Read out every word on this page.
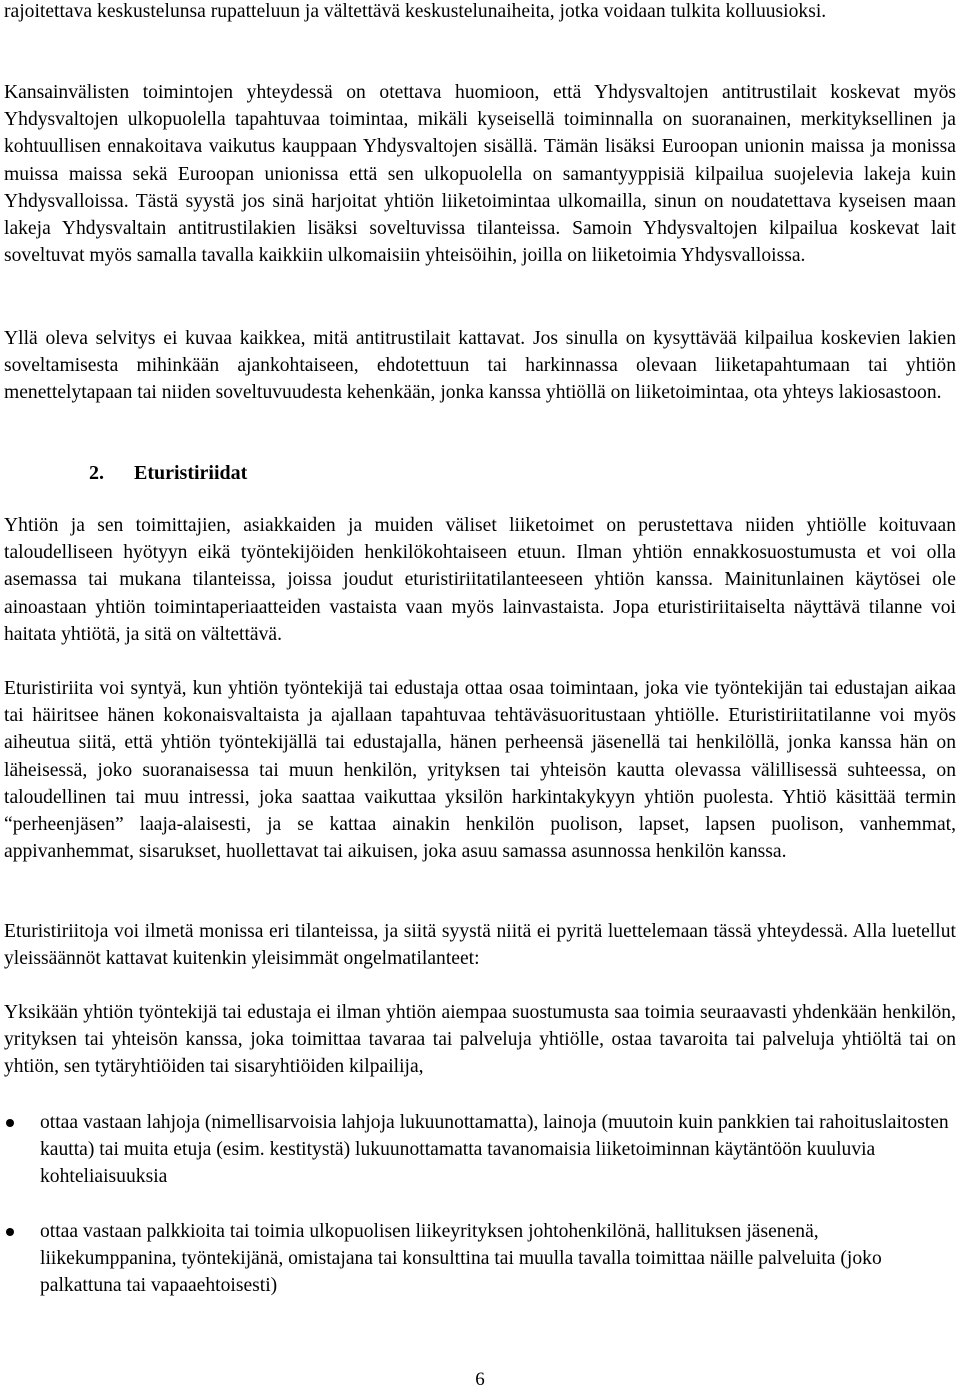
rajoitettava keskustelunsa rupatteluun ja vältettävä keskustelunaiheita, jotka voidaan tulkita kolluusioksi.

Kansainvälisten toimintojen yhteydessä on otettava huomioon, että Yhdysvaltojen antitrustilait koskevat myös Yhdysvaltojen ulkopuolella tapahtuvaa toimintaa, mikäli kyseisellä toiminnalla on suoranainen, merkityksellinen ja kohtuullisen ennakoitava vaikutus kauppaan Yhdysvaltojen sisällä. Tämän lisäksi Euroopan unionin maissa ja monissa muissa maissa sekä Euroopan unionissa että sen ulkopuolella on samantyyppisiä kilpailua suojelevia lakeja kuin Yhdysvalloissa. Tästä syystä jos sinä harjoitat yhtiön liiketoimintaa ulkomailla, sinun on noudatettava kyseisen maan lakeja Yhdysvaltain antitrustilakien lisäksi soveltuvissa tilanteissa. Samoin Yhdysvaltojen kilpailua koskevat lait soveltuvat myös samalla tavalla kaikkiin ulkomaisiin yhteisöihin, joilla on liiketoimia Yhdysvalloissa.

Yllä oleva selvitys ei kuvaa kaikkea, mitä antitrustilait kattavat. Jos sinulla on kysyttävää kilpailua koskevien lakien soveltamisesta mihinkään ajankohtaiseen, ehdotettuun tai harkinnassa olevaan liiketapahtumaan tai yhtiön menettelytapaan tai niiden soveltuvuudesta kehenkään, jonka kanssa yhtiöllä on liiketoimintaa, ota yhteys lakiosastoon.

2. Eturistiriidat

Yhtiön ja sen toimittajien, asiakkaiden ja muiden väliset liiketoimet on perustettava niiden yhtiölle koituvaan taloudelliseen hyötyyn eikä työntekijöiden henkilökohtaiseen etuun. Ilman yhtiön ennakkosuostumusta et voi olla asemassa tai mukana tilanteissa, joissa joudut eturistiriitatilanteeseen yhtiön kanssa. Mainitunlainen käytösei ole ainoastaan yhtiön toimintaperiaatteiden vastaista vaan myös lainvastaista. Jopa eturistiriitaiselta näyttävä tilanne voi haitata yhtiötä, ja sitä on vältettävä.

Eturistiriita voi syntyä, kun yhtiön työntekijä tai edustaja ottaa osaa toimintaan, joka vie työntekijän tai edustajan aikaa tai häiritsee hänen kokonaisvaltaista ja ajallaan tapahtuvaa tehtäväsuoritustaan yhtiölle. Eturistiriitatilanne voi myös aiheutua siitä, että yhtiön työntekijällä tai edustajalla, hänen perheensä jäsenellä tai henkilöllä, jonka kanssa hän on läheisessä, joko suoranaisessa tai muun henkilön, yrityksen tai yhteisön kautta olevassa välillisessä suhteessa, on taloudellinen tai muu intressi, joka saattaa vaikuttaa yksilön harkintakykyyn yhtiön puolesta. Yhtiö käsittää termin “perheenjäsen” laaja-alaisesti, ja se kattaa ainakin henkilön puolison, lapset, lapsen puolison, vanhemmat, appivanhemmat, sisarukset, huollettavat tai aikuisen, joka asuu samassa asunnossa henkilön kanssa.

Eturistiriitoja voi ilmetä monissa eri tilanteissa, ja siitä syystä niitä ei pyritä luettelemaan tässä yhteydessä. Alla luetellut yleissäännöt kattavat kuitenkin yleisimmät ongelmatilanteet:

Yksikään yhtiön työntekijä tai edustaja ei ilman yhtiön aiempaa suostumusta saa toimia seuraavasti yhdenkään henkilön, yrityksen tai yhteisön kanssa, joka toimittaa tavaraa tai palveluja yhtiölle, ostaa tavaroita tai palveluja yhtiöltä tai on yhtiön, sen tytäryhtiöiden tai sisaryhtiöiden kilpailija,

ottaa vastaan lahjoja (nimellisarvoisia lahjoja lukuunottamatta), lainoja (muutoin kuin pankkien tai rahoituslaitosten kautta) tai muita etuja (esim. kestitystä) lukuunottamatta tavanomaisia liiketoiminnan käytäntöön kuuluvia kohteliaisuuksia
ottaa vastaan palkkioita tai toimia ulkopuolisen liikeyrityksen johtohenkilönä, hallituksen jäsenenä, liikekumppanina, työntekijänä, omistajana tai konsulttina tai muulla tavalla toimittaa näille palveluita (joko palkattuna tai vapaaehtoisesti)
6
